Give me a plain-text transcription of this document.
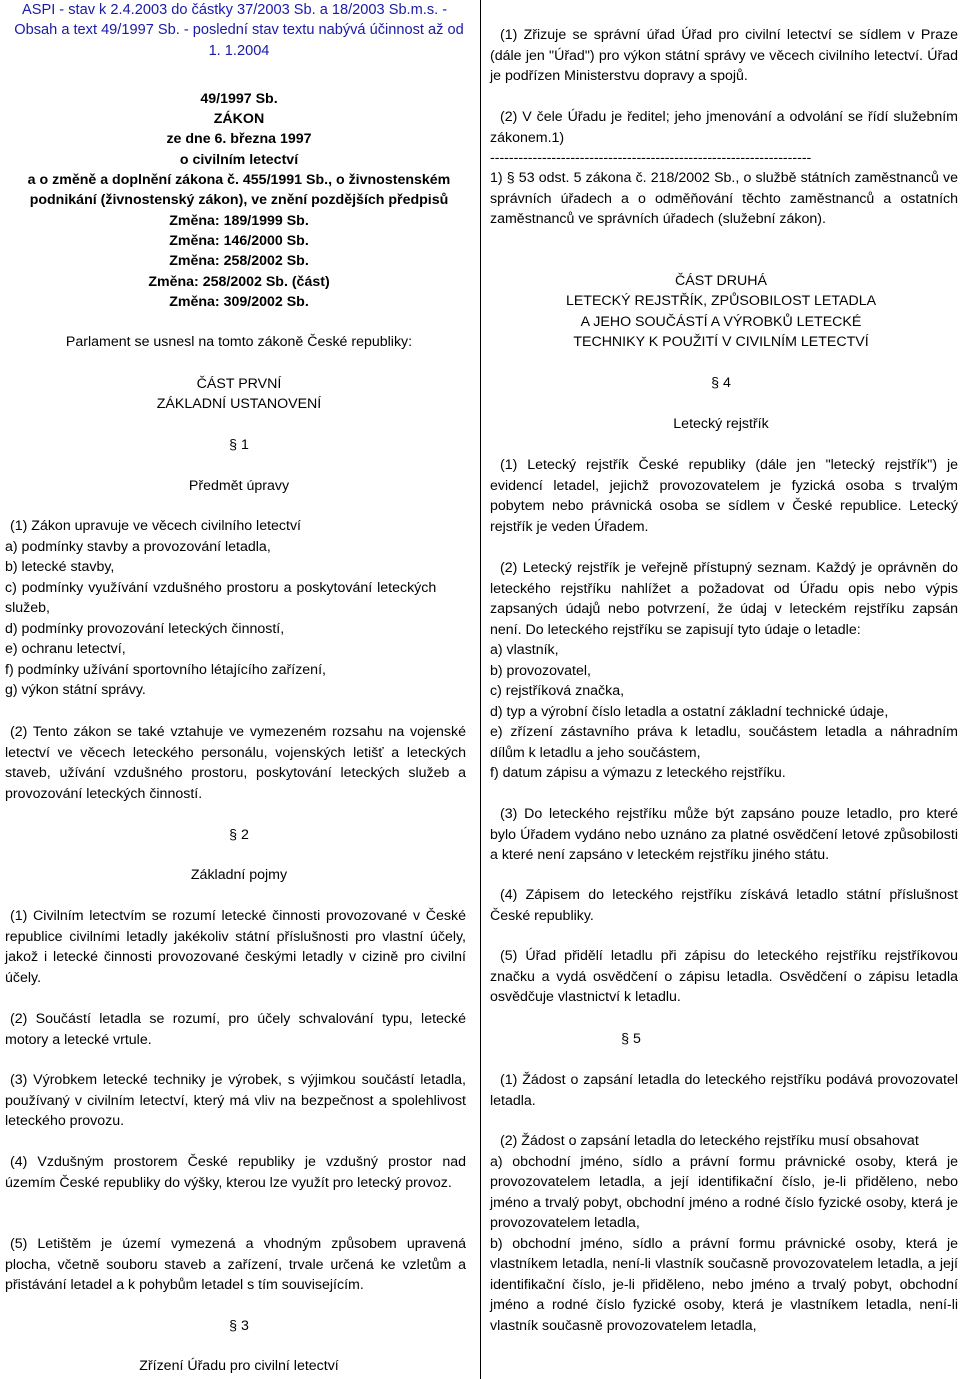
ASPI - stav k 2.4.2003 do částky 37/2003 Sb. a 18/2003 Sb.m.s. -

Obsah a text 49/1997 Sb. - poslední stav textu nabývá účinnost až od

1. 1.2004

49/1997 Sb.

ZÁKON

ze dne 6. března 1997

o civilním letectví

a o změně a doplnění zákona č. 455/1991 Sb., o živnostenském

podnikání (živnostenský zákon), ve znění pozdějších předpisů

Změna: 189/1999 Sb.

Změna: 146/2000 Sb.

Změna: 258/2002 Sb.

Změna: 258/2002 Sb. (část)

Změna: 309/2002 Sb.

Parlament se usnesl na tomto zákoně České republiky:

ČÁST PRVNÍ

ZÁKLADNÍ USTANOVENÍ

§ 1

Předmět úpravy

(1) Zákon upravuje ve věcech civilního letectví

a) podmínky stavby a provozování letadla,

b) letecké stavby,

c) podmínky využívání vzdušného prostoru a poskytování leteckých

služeb,

d) podmínky provozování leteckých činností,

e) ochranu letectví,

f) podmínky užívání sportovního létajícího zařízení,

g) výkon státní správy.

(2) Tento zákon se také vztahuje ve vymezeném rozsahu na vojenské letectví ve věcech leteckého personálu, vojenských letišť a leteckých staveb, užívání vzdušného prostoru, poskytování leteckých služeb a provozování leteckých činností.

§ 2

Základní pojmy

(1) Civilním letectvím se rozumí letecké činnosti provozované v České republice civilními letadly jakékoliv státní příslušnosti pro vlastní účely, jakož i letecké činnosti provozované českými letadly v cizině pro civilní účely.

(2) Součástí letadla se rozumí, pro účely schvalování typu, letecké motory a letecké vrtule.

(3) Výrobkem letecké techniky je výrobek, s výjimkou součástí letadla, používaný v civilním letectví, který má vliv na bezpečnost a spolehlivost leteckého provozu.

(4) Vzdušným prostorem České republiky je vzdušný prostor nad územím České republiky do výšky, kterou lze využít pro letecký provoz.

(5) Letištěm je území vymezená a vhodným způsobem upravená plocha, včetně souboru staveb a zařízení, trvale určená ke vzletům a přistávání letadel a k pohybům letadel s tím souvisejícím.

§ 3

Zřízení Úřadu pro civilní letectví

(1) Zřizuje se správní úřad Úřad pro civilní letectví se sídlem v Praze (dále jen "Úřad") pro výkon státní správy ve věcech civilního letectví. Úřad je podřízen Ministerstvu dopravy a spojů.

(2) V čele Úřadu je ředitel; jeho jmenování a odvolání se řídí služebním zákonem.1)

--------------------------------------------------------------------

1) § 53 odst. 5 zákona č. 218/2002 Sb., o službě státních zaměstnanců ve správních úřadech a o odměňování těchto zaměstnanců a ostatních zaměstnanců ve správních úřadech (služební zákon).

ČÁST DRUHÁ

LETECKÝ REJSTŘÍK, ZPŮSOBILOST LETADLA

A JEHO SOUČÁSTÍ A VÝROBKŮ LETECKÉ

TECHNIKY K POUŽITÍ V CIVILNÍM LETECTVÍ

§ 4

Letecký rejstřík

(1) Letecký rejstřík České republiky (dále jen "letecký rejstřík") je evidencí letadel, jejichž provozovatelem je fyzická osoba s trvalým pobytem nebo právnická osoba se sídlem v České republice. Letecký rejstřík je veden Úřadem.

(2) Letecký rejstřík je veřejně přístupný seznam. Každý je oprávněn do leteckého rejstříku nahlížet a požadovat od Úřadu opis nebo výpis zapsaných údajů nebo potvrzení, že údaj v leteckém rejstříku zapsán není. Do leteckého rejstříku se zapisují tyto údaje o letadle:

a) vlastník,

b) provozovatel,

c) rejstříková značka,

d) typ a výrobní číslo letadla a ostatní základní technické údaje,

e) zřízení zástavního práva k letadlu, součástem letadla a náhradním dílům k letadlu a jeho součástem,

f) datum zápisu a výmazu z leteckého rejstříku.

(3) Do leteckého rejstříku může být zapsáno pouze letadlo, pro které bylo Úřadem vydáno nebo uznáno za platné osvědčení letové způsobilosti a které není zapsáno v leteckém rejstříku jiného státu.

(4) Zápisem do leteckého rejstříku získává letadlo státní příslušnost České republiky.

(5) Úřad přidělí letadlu při zápisu do leteckého rejstříku rejstříkovou značku a vydá osvědčení o zápisu letadla. Osvědčení o zápisu letadla osvědčuje vlastnictví k letadlu.

§ 5

(1) Žádost o zapsání letadla do leteckého rejstříku podává provozovatel letadla.

(2) Žádost o zapsání letadla do leteckého rejstříku musí obsahovat

a) obchodní jméno, sídlo a právní formu právnické osoby, která je provozovatelem letadla, a její identifikační číslo, je-li přiděleno, nebo jméno a trvalý pobyt, obchodní jméno a rodné číslo fyzické osoby, která je provozovatelem letadla,

b) obchodní jméno, sídlo a právní formu právnické osoby, která je vlastníkem letadla, není-li vlastník současně provozovatelem letadla, a její identifikační číslo, je-li přiděleno, nebo jméno a trvalý pobyt, obchodní jméno a rodné číslo fyzické osoby, která je vlastníkem letadla, není-li vlastník současně provozovatelem letadla,
